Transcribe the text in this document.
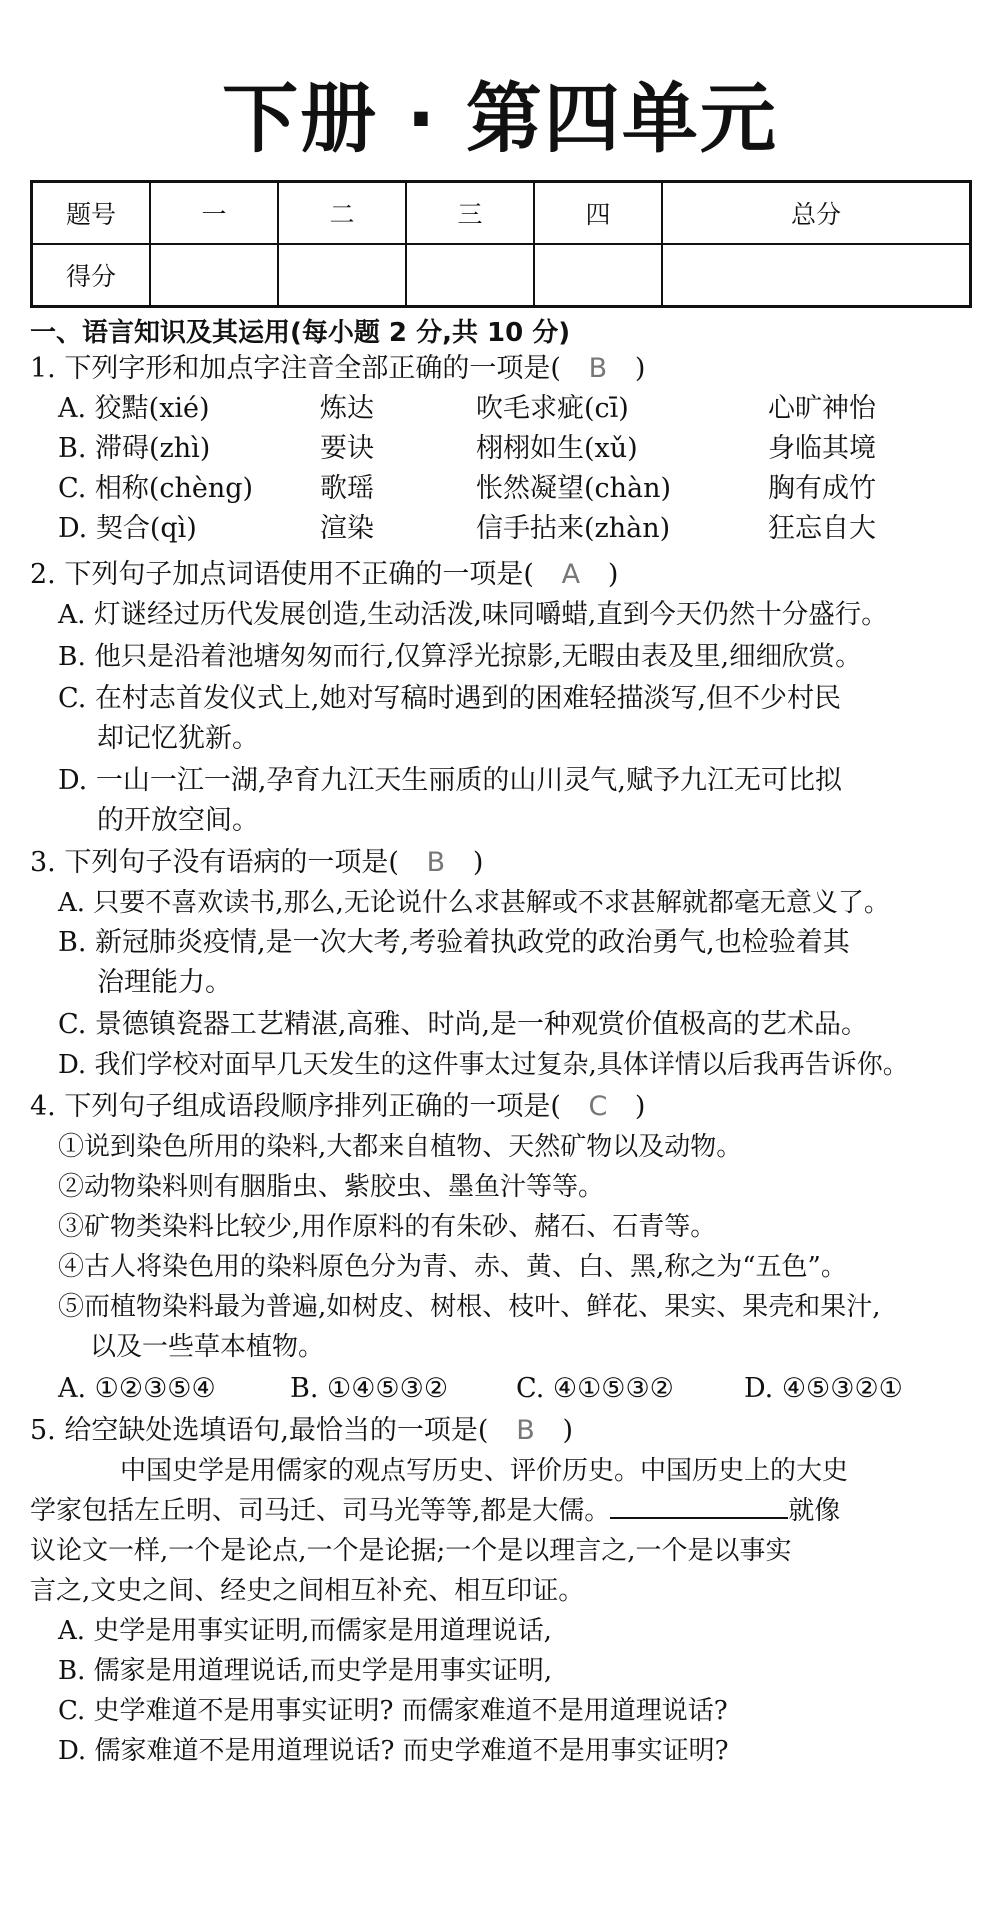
下册 · 第四单元
题号	一	二	三	四	总分
得分					
一、语言知识及其运用(每小题 2 分,共 10 分)
1. 下列字形和加点字注音全部正确的一项是( B )
A. 狡黠(xié)	炼达	吹毛求疵(cī)	心旷神怡
B. 滞碍(zhì)	要诀	栩栩如生(xǔ)	身临其境
C. 相称(chèng) 歌瑶	怅然凝望(chàn)	胸有成竹
D. 契合(qì)	渲染	信手拈来(zhàn)	狂忘自大
2. 下列句子加点词语使用不正确的一项是( A )
A. 灯谜经过历代发展创造,生动活泼,味同嚼蜡,直到今天仍然十分盛行。
B. 他只是沿着池塘匆匆而行,仅算浮光掠影,无暇由表及里,细细欣赏。
C. 在村志首发仪式上,她对写稿时遇到的困难轻描淡写,但不少村民
却记忆犹新。
D. 一山一江一湖,孕育九江天生丽质的山川灵气,赋予九江无可比拟
的开放空间。
3. 下列句子没有语病的一项是( B )
A. 只要不喜欢读书,那么,无论说什么求甚解或不求甚解就都毫无意义了。
B. 新冠肺炎疫情,是一次大考,考验着执政党的政治勇气,也检验着其
治理能力。
C. 景德镇瓷器工艺精湛,高雅、时尚,是一种观赏价值极高的艺术品。
D. 我们学校对面早几天发生的这件事太过复杂,具体详情以后我再告诉你。
4. 下列句子组成语段顺序排列正确的一项是( C )
①说到染色所用的染料,大都来自植物、天然矿物以及动物。
②动物染料则有胭脂虫、紫胶虫、墨鱼汁等等。
③矿物类染料比较少,用作原料的有朱砂、赭石、石青等。
④古人将染色用的染料原色分为青、赤、黄、白、黑,称之为“五色”。
⑤而植物染料最为普遍,如树皮、树根、枝叶、鲜花、果实、果壳和果汁,
以及一些草本植物。
A. ①②③⑤④	B. ①④⑤③②	C. ④①⑤③②	D. ④⑤③②①
5. 给空缺处选填语句,最恰当的一项是( B )
中国史学是用儒家的观点写历史、评价历史。中国历史上的大史
学家包括左丘明、司马迁、司马光等等,都是大儒。	就像
议论文一样,一个是论点,一个是论据;一个是以理言之,一个是以事实
言之,文史之间、经史之间相互补充、相互印证。
A. 史学是用事实证明,而儒家是用道理说话,
B. 儒家是用道理说话,而史学是用事实证明,
C. 史学难道不是用事实证明? 而儒家难道不是用道理说话?
D. 儒家难道不是用道理说话? 而史学难道不是用事实证明?
